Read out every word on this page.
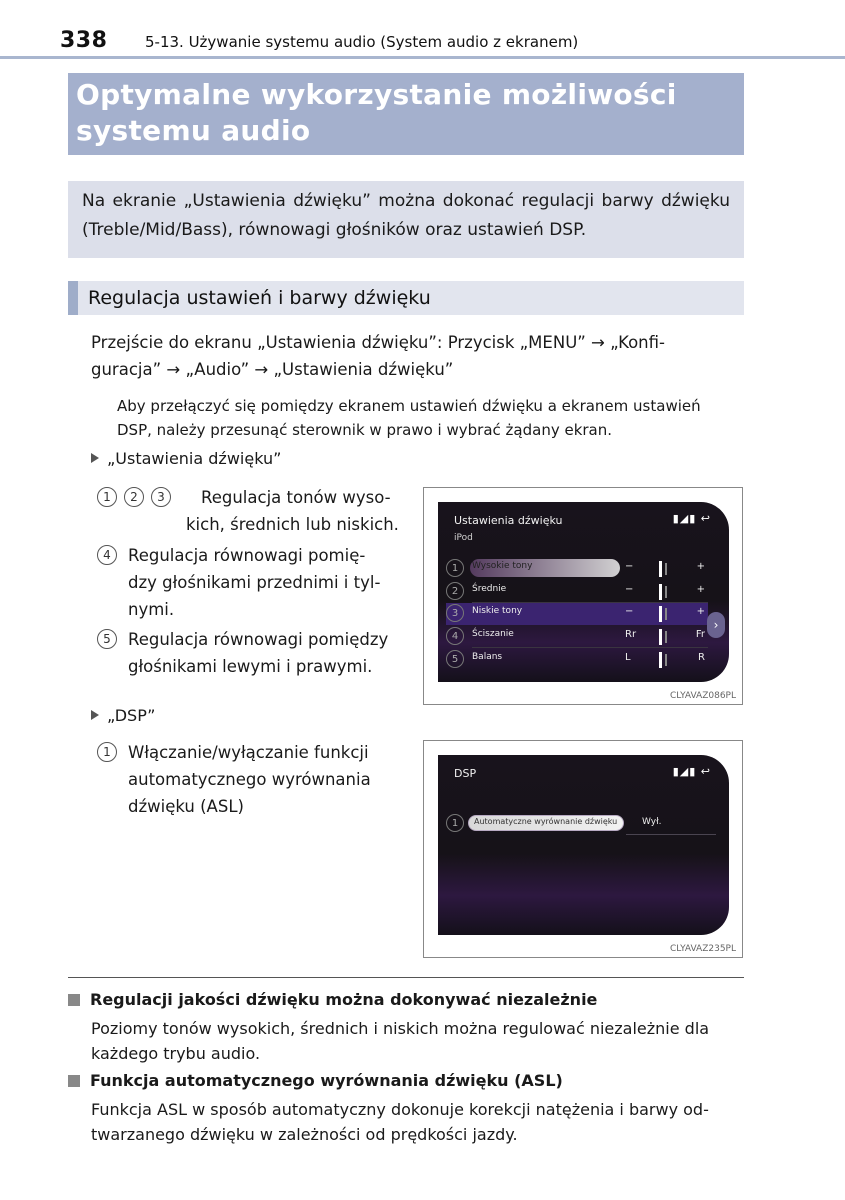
338	5-13. Używanie systemu audio (System audio z ekranem)
Optymalne wykorzystanie możliwości
systemu audio

Na ekranie „Ustawienia dźwięku” można dokonać regulacji barwy dźwięku (Treble/Mid/Bass), równowagi głośników oraz ustawień DSP.

Regulacja ustawień i barwy dźwięku
Przejście do ekranu „Ustawienia dźwięku”: Przycisk „MENU” → „Konfi-
guracja” → „Audio” → „Ustawienia dźwięku”
Aby przełączyć się pomiędzy ekranem ustawień dźwięku a ekranem ustawień
DSP, należy przesunąć sterownik w prawo i wybrać żądany ekran.
„Ustawienia dźwięku”
1	2	3	Regulacja tonów wyso-
kich, średnich lub niskich.
4	Regulacja równowagi pomię-
dzy głośnikami przednimi i tyl-
nymi.
5	Regulacja równowagi pomiędzy
głośnikami lewymi i prawymi.
Ustawienia dźwięku
iPod
▮◢▮ ↩
1	Wysokie tony	−	+
2	Średnie	−	+
3	Niskie tony	−	+
4	Ściszanie	Rr	Fr
5	Balans	L	R
›
CLYAVAZ086PL
„DSP”
1	Włączanie/wyłączanie funkcji
automatycznego wyrównania
dźwięku (ASL)
DSP	▮◢▮ ↩
1	Automatyczne wyrównanie dźwięku	Wył.
CLYAVAZ235PL
Regulacji jakości dźwięku można dokonywać niezależnie
Poziomy tonów wysokich, średnich i niskich można regulować niezależnie dla
każdego trybu audio.
Funkcja automatycznego wyrównania dźwięku (ASL)
Funkcja ASL w sposób automatyczny dokonuje korekcji natężenia i barwy od-
twarzanego dźwięku w zależności od prędkości jazdy.
